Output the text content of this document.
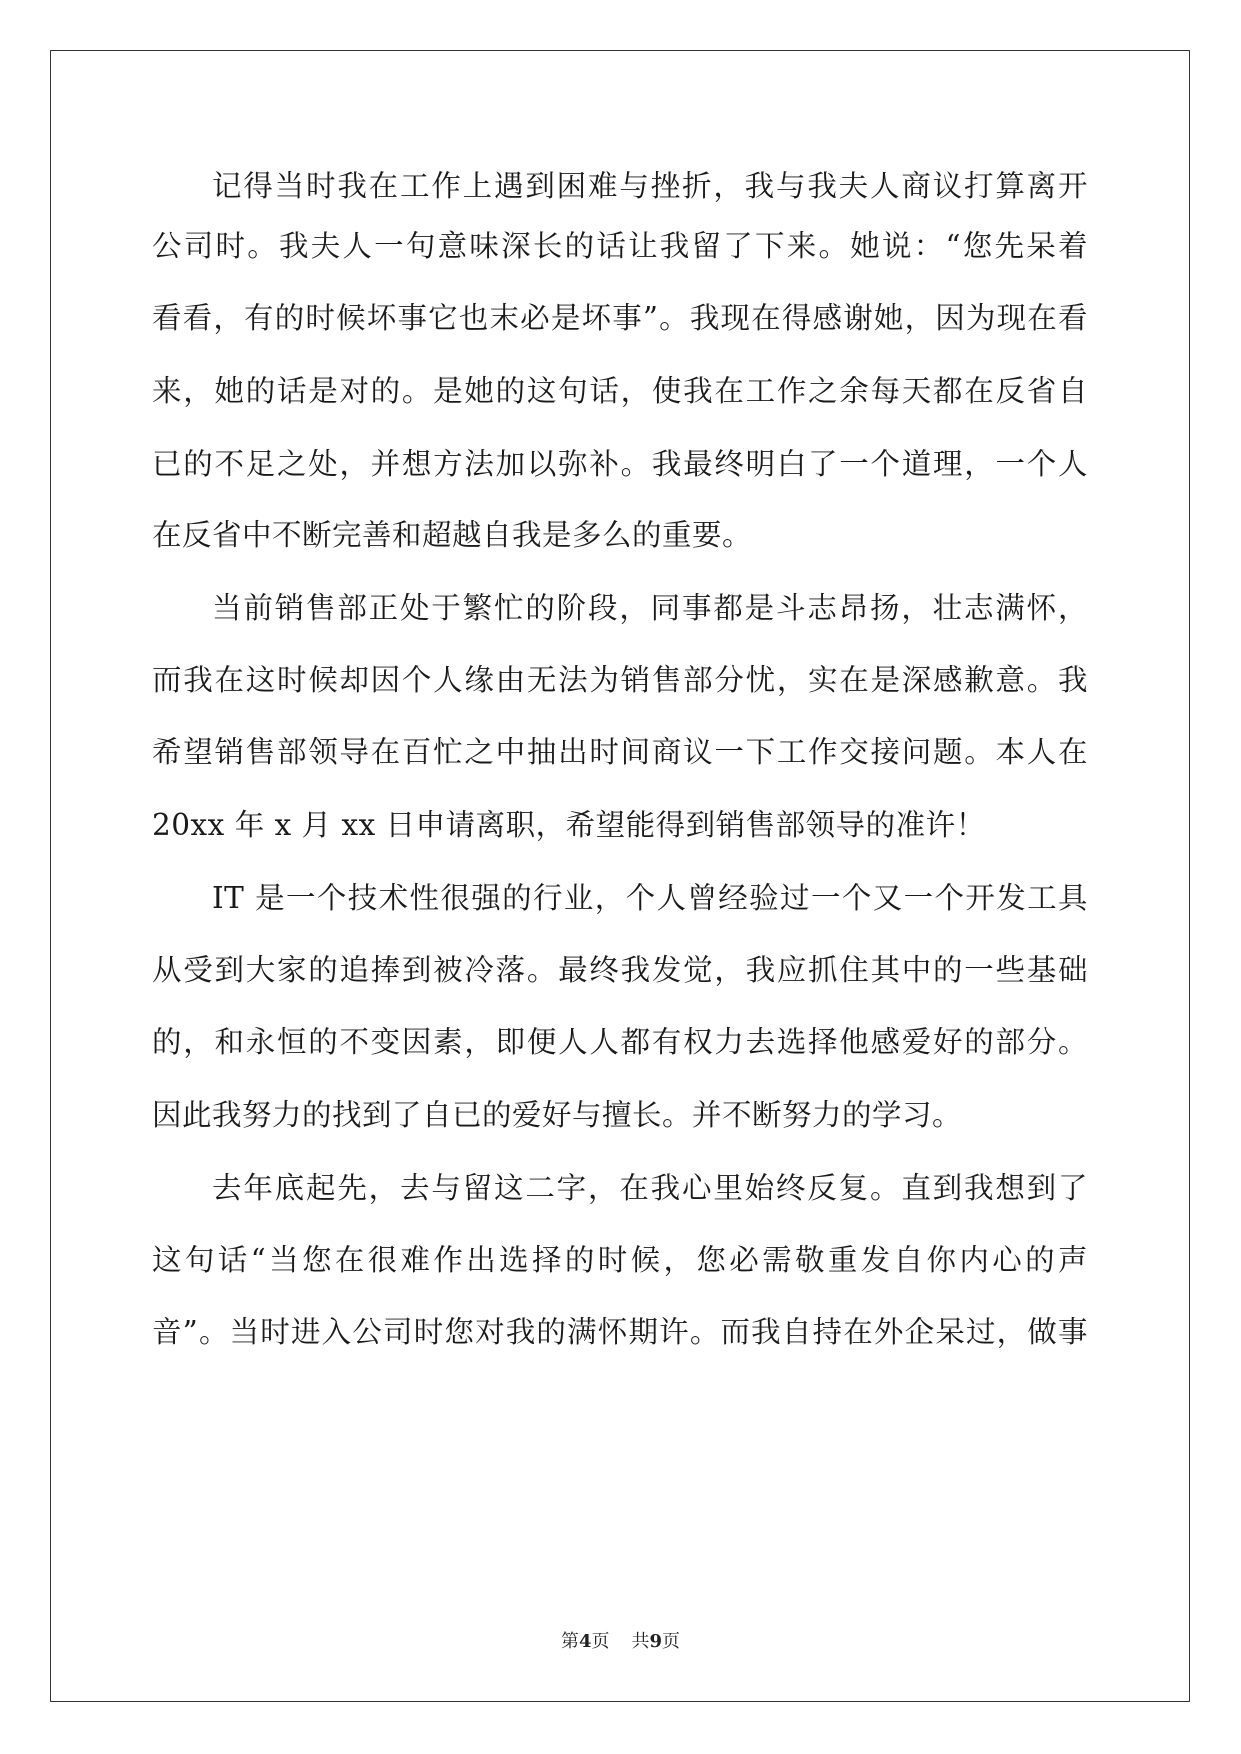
记得当时我在工作上遇到困难与挫折，我与我夫人商议打算离开
公司时。我夫人一句意味深长的话让我留了下来。她说：“您先呆着
看看，有的时候坏事它也末必是坏事”。我现在得感谢她，因为现在看
来，她的话是对的。是她的这句话，使我在工作之余每天都在反省自
已的不足之处，并想方法加以弥补。我最终明白了一个道理，一个人
在反省中不断完善和超越自我是多么的重要。
当前销售部正处于繁忙的阶段，同事都是斗志昂扬，壮志满怀，
而我在这时候却因个人缘由无法为销售部分忧，实在是深感歉意。我
希望销售部领导在百忙之中抽出时间商议一下工作交接问题。本人在
20xx 年 x 月 xx 日申请离职，希望能得到销售部领导的准许！
IT 是一个技术性很强的行业，个人曾经验过一个又一个开发工具
从受到大家的追捧到被冷落。最终我发觉，我应抓住其中的一些基础
的，和永恒的不变因素，即便人人都有权力去选择他感爱好的部分。
因此我努力的找到了自已的爱好与擅长。并不断努力的学习。
去年底起先，去与留这二字，在我心里始终反复。直到我想到了
这句话“当您在很难作出选择的时候，您必需敬重发自你内心的声
音”。当时进入公司时您对我的满怀期许。而我自持在外企呆过，做事
第4页 共9页
